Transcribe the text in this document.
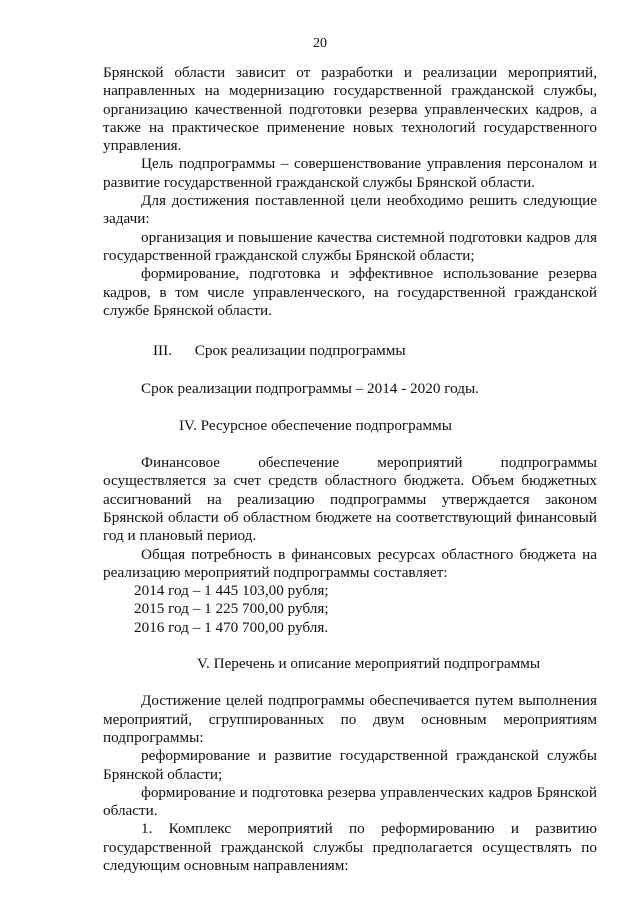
20

Брянской области зависит от разработки и реализации мероприятий, направленных на модернизацию государственной гражданской службы, организацию качественной подготовки резерва управленческих кадров, а также на практическое применение новых технологий государственного управления.

Цель подпрограммы – совершенствование управления персоналом и развитие государственной гражданской службы Брянской области.

Для достижения поставленной цели необходимо решить следующие задачи:

организация и повышение качества системной подготовки кадров для государственной гражданской службы Брянской области;

формирование, подготовка и эффективное использование резерва кадров, в том числе управленческого, на государственной гражданской службе Брянской области.

III.      Срок реализации подпрограммы

Срок реализации подпрограммы – 2014 - 2020 годы.

IV. Ресурсное обеспечение подпрограммы

Финансовое обеспечение мероприятий подпрограммы осуществляется за счет средств областного бюджета. Объем бюджетных ассигнований на реализацию подпрограммы утверждается законом Брянской области об областном бюджете на соответствующий финансовый год и плановый период.

Общая потребность в финансовых ресурсах областного бюджета на реализацию мероприятий подпрограммы составляет:

2014 год – 1 445 103,00 рубля;

2015 год – 1 225 700,00 рубля;

2016 год – 1 470 700,00 рубля.

V. Перечень и описание мероприятий подпрограммы

Достижение целей подпрограммы обеспечивается путем выполнения мероприятий, сгруппированных по двум основным мероприятиям подпрограммы:

реформирование и развитие государственной гражданской службы Брянской области;

формирование и подготовка резерва управленческих кадров Брянской области.

1. Комплекс мероприятий по реформированию и развитию государственной гражданской службы предполагается осуществлять по следующим основным направлениям:
